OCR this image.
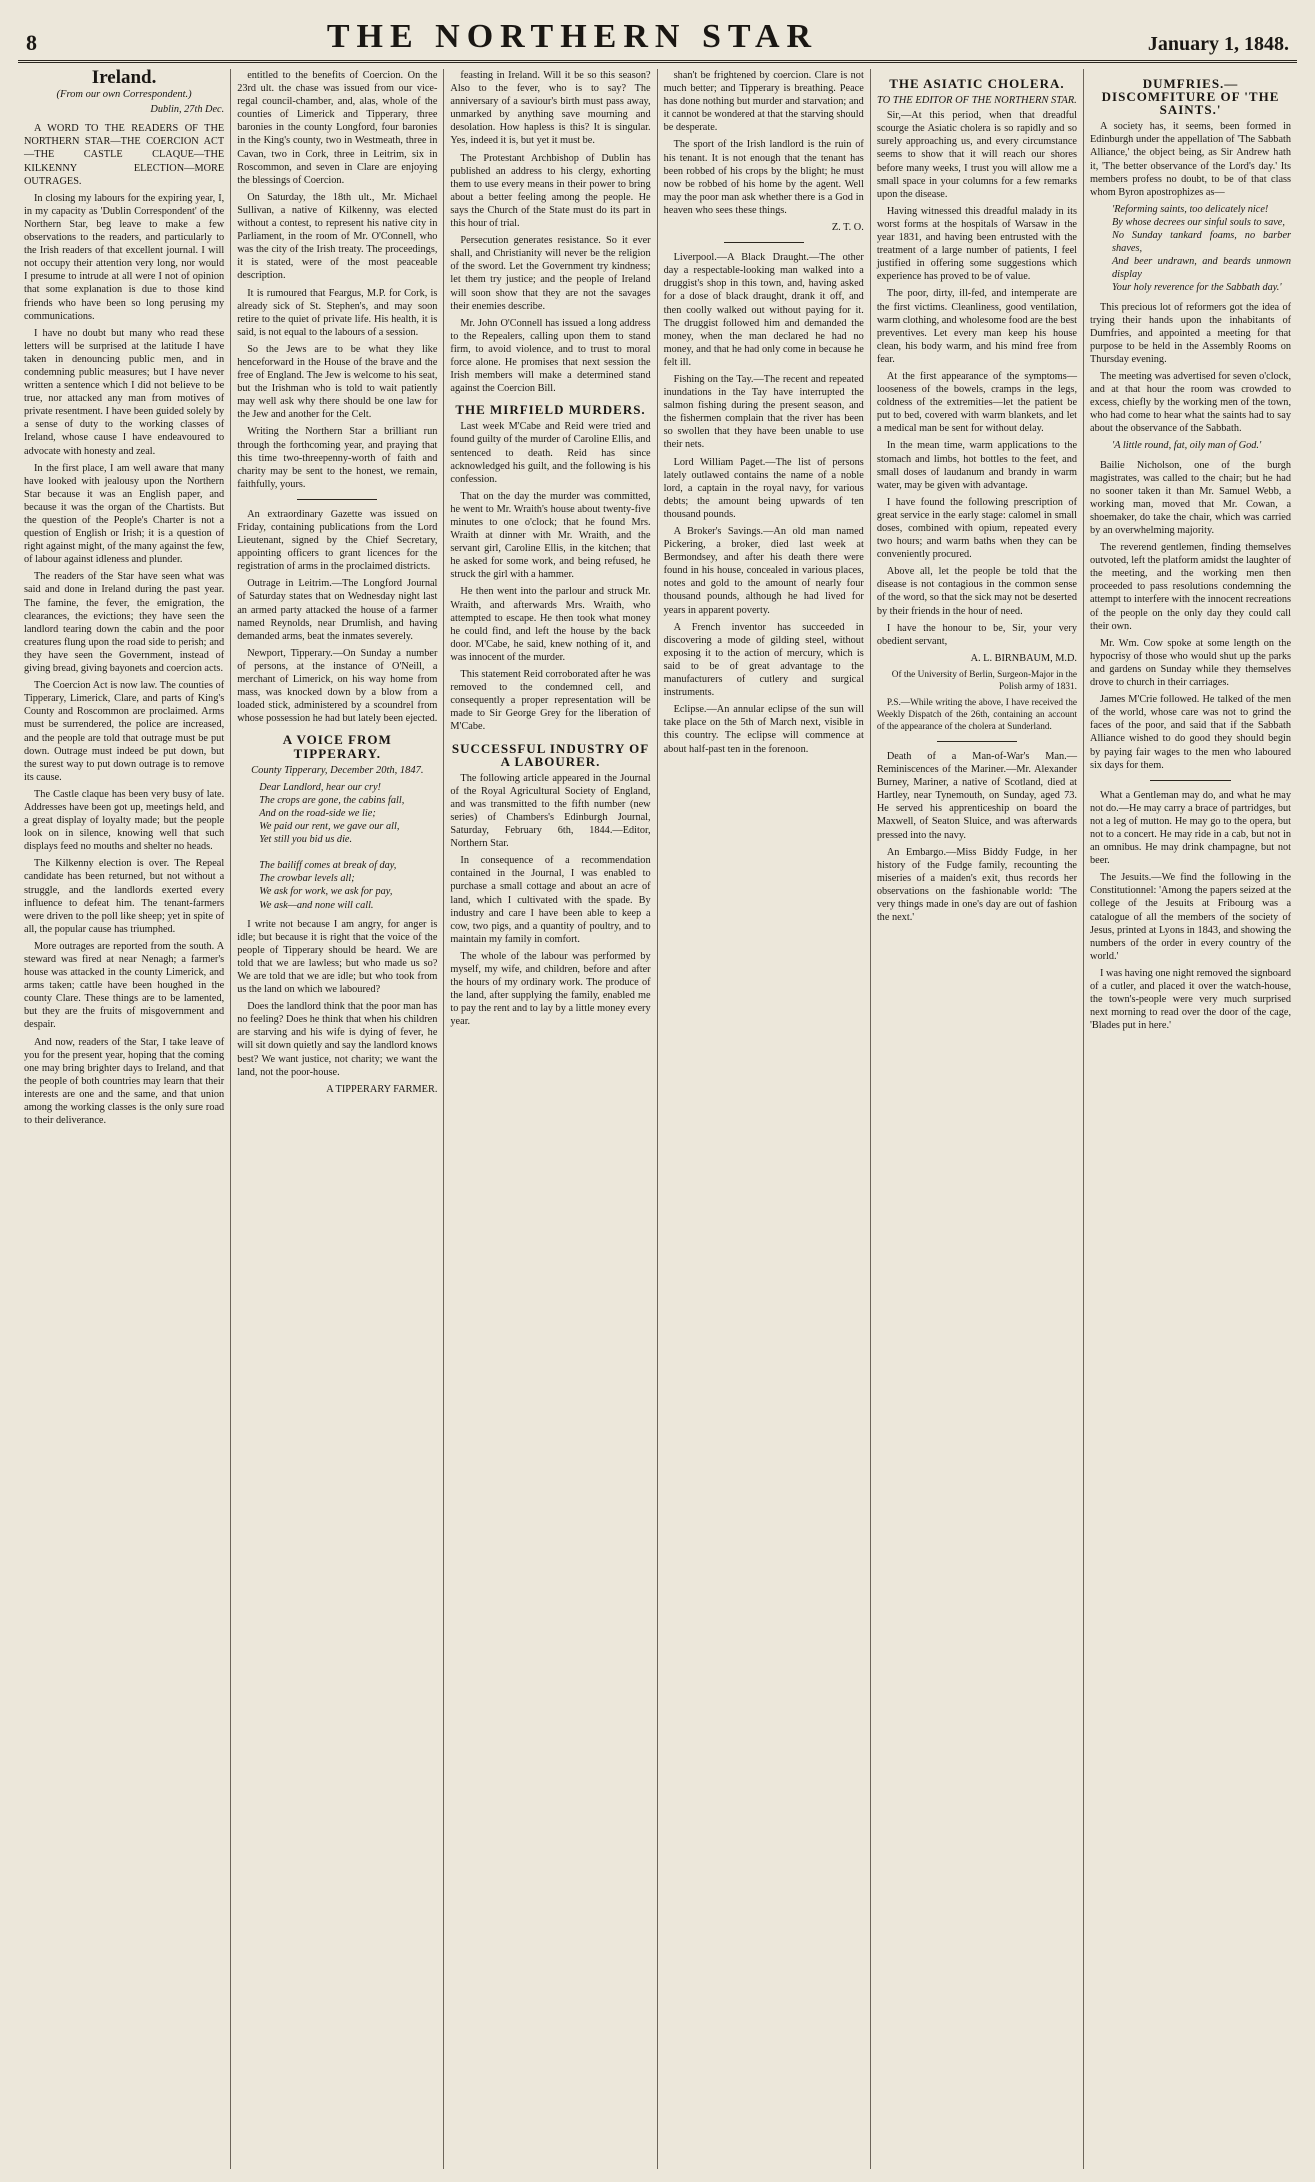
8	THE NORTHERN STAR	January 1, 1848.
Ireland.
(From our own Correspondent.)
Dublin, 27th Dec.

A WORD TO THE READERS OF THE NORTHERN STAR—THE COERCION ACT—THE CASTLE CLAQUE—THE KILKENNY ELECTION—MORE OUTRAGES.

In closing my labours for the expiring year, I, in my capacity as 'Dublin Correspondent' of the Northern Star, beg leave to make a few observations to the readers, and particularly to the Irish readers of that excellent journal. I will not occupy their attention very long, nor would I presume to intrude at all were I not of opinion that some explanation is due to those kind friends who have been so long perusing my communications.

I have no doubt but many who read these letters will be surprised at the latitude I have taken in denouncing public men, and in condemning public measures; but I have never written a sentence which I did not believe to be true, nor attacked any man from motives of private resentment. I have been guided solely by a sense of duty to the working classes of Ireland, whose cause I have endeavoured to advocate with honesty and zeal.

In the first place, I am well aware that many have looked with jealousy upon the Northern Star because it was an English paper, and because it was the organ of the Chartists. But the question of the People's Charter is not a question of English or Irish; it is a question of right against might, of the many against the few, of labour against idleness and plunder.

The readers of the Star have seen what was said and done in Ireland during the past year. The famine, the fever, the emigration, the clearances, the evictions; they have seen the landlord tearing down the cabin and the poor creatures flung upon the road side to perish; and they have seen the Government, instead of giving bread, giving bayonets and coercion acts.

The Coercion Act is now law. The counties of Tipperary, Limerick, Clare, and parts of King's County and Roscommon are proclaimed. Arms must be surrendered, the police are increased, and the people are told that outrage must be put down. Outrage must indeed be put down, but the surest way to put down outrage is to remove its cause.

The Castle claque has been very busy of late. Addresses have been got up, meetings held, and a great display of loyalty made; but the people look on in silence, knowing well that such displays feed no mouths and shelter no heads.

The Kilkenny election is over. The Repeal candidate has been returned, but not without a struggle, and the landlords exerted every influence to defeat him. The tenant-farmers were driven to the poll like sheep; yet in spite of all, the popular cause has triumphed.

More outrages are reported from the south. A steward was fired at near Nenagh; a farmer's house was attacked in the county Limerick, and arms taken; cattle have been houghed in the county Clare. These things are to be lamented, but they are the fruits of misgovernment and despair.

And now, readers of the Star, I take leave of you for the present year, hoping that the coming one may bring brighter days to Ireland, and that the people of both countries may learn that their interests are one and the same, and that union among the working classes is the only sure road to their deliverance.

entitled to the benefits of Coercion. On the 23rd ult. the chase was issued from our vice-regal council-chamber, and, alas, whole of the counties of Limerick and Tipperary, three baronies in the county Longford, four baronies in the King's county, two in Westmeath, three in Cavan, two in Cork, three in Leitrim, six in Roscommon, and seven in Clare are enjoying the blessings of Coercion.

On Saturday, the 18th ult., Mr. Michael Sullivan, a native of Kilkenny, was elected without a contest, to represent his native city in Parliament, in the room of Mr. O'Connell, who was the city of the Irish treaty. The proceedings, it is stated, were of the most peaceable description.

It is rumoured that Feargus, M.P. for Cork, is already sick of St. Stephen's, and may soon retire to the quiet of private life. His health, it is said, is not equal to the labours of a session.

So the Jews are to be what they like henceforward in the House of the brave and the free of England. The Jew is welcome to his seat, but the Irishman who is told to wait patiently may well ask why there should be one law for the Jew and another for the Celt.

Writing the Northern Star a brilliant run through the forthcoming year, and praying that this time two-threepenny-worth of faith and charity may be sent to the honest, we remain, faithfully, yours.

An extraordinary Gazette was issued on Friday, containing publications from the Lord Lieutenant, signed by the Chief Secretary, appointing officers to grant licences for the registration of arms in the proclaimed districts.

Outrage in Leitrim.—The Longford Journal of Saturday states that on Wednesday night last an armed party attacked the house of a farmer named Reynolds, near Drumlish, and having demanded arms, beat the inmates severely.

Newport, Tipperary.—On Sunday a number of persons, at the instance of O'Neill, a merchant of Limerick, on his way home from mass, was knocked down by a blow from a loaded stick, administered by a scoundrel from whose possession he had but lately been ejected.

A VOICE FROM TIPPERARY.
County Tipperary, December 20th, 1847.

Dear Landlord, hear our cry!
The crops are gone, the cabins fall,
And on the road-side we lie;
We paid our rent, we gave our all,
Yet still you bid us die.

The bailiff comes at break of day,
The crowbar levels all;
We ask for work, we ask for pay,
We ask—and none will call.

I write not because I am angry, for anger is idle; but because it is right that the voice of the people of Tipperary should be heard. We are told that we are lawless; but who made us so? We are told that we are idle; but who took from us the land on which we laboured?

Does the landlord think that the poor man has no feeling? Does he think that when his children are starving and his wife is dying of fever, he will sit down quietly and say the landlord knows best? We want justice, not charity; we want the land, not the poor-house.

A TIPPERARY FARMER.

feasting in Ireland. Will it be so this season? Also to the fever, who is to say? The anniversary of a saviour's birth must pass away, unmarked by anything save mourning and desolation. How hapless is this? It is singular. Yes, indeed it is, but yet it must be.

The Protestant Archbishop of Dublin has published an address to his clergy, exhorting them to use every means in their power to bring about a better feeling among the people. He says the Church of the State must do its part in this hour of trial.

Persecution generates resistance. So it ever shall, and Christianity will never be the religion of the sword. Let the Government try kindness; let them try justice; and the people of Ireland will soon show that they are not the savages their enemies describe.

Mr. John O'Connell has issued a long address to the Repealers, calling upon them to stand firm, to avoid violence, and to trust to moral force alone. He promises that next session the Irish members will make a determined stand against the Coercion Bill.

THE MIRFIELD MURDERS.

Last week M'Cabe and Reid were tried and found guilty of the murder of Caroline Ellis, and sentenced to death. Reid has since acknowledged his guilt, and the following is his confession.

That on the day the murder was committed, he went to Mr. Wraith's house about twenty-five minutes to one o'clock; that he found Mrs. Wraith at dinner with Mr. Wraith, and the servant girl, Caroline Ellis, in the kitchen; that he asked for some work, and being refused, he struck the girl with a hammer.

He then went into the parlour and struck Mr. Wraith, and afterwards Mrs. Wraith, who attempted to escape. He then took what money he could find, and left the house by the back door. M'Cabe, he said, knew nothing of it, and was innocent of the murder.

This statement Reid corroborated after he was removed to the condemned cell, and consequently a proper representation will be made to Sir George Grey for the liberation of M'Cabe.

SUCCESSFUL INDUSTRY OF A LABOURER.

The following article appeared in the Journal of the Royal Agricultural Society of England, and was transmitted to the fifth number (new series) of Chambers's Edinburgh Journal, Saturday, February 6th, 1844.—Editor, Northern Star.

In consequence of a recommendation contained in the Journal, I was enabled to purchase a small cottage and about an acre of land, which I cultivated with the spade. By industry and care I have been able to keep a cow, two pigs, and a quantity of poultry, and to maintain my family in comfort.

The whole of the labour was performed by myself, my wife, and children, before and after the hours of my ordinary work. The produce of the land, after supplying the family, enabled me to pay the rent and to lay by a little money every year.

shan't be frightened by coercion. Clare is not much better; and Tipperary is breathing. Peace has done nothing but murder and starvation; and it cannot be wondered at that the starving should be desperate.

The sport of the Irish landlord is the ruin of his tenant. It is not enough that the tenant has been robbed of his crops by the blight; he must now be robbed of his home by the agent. Well may the poor man ask whether there is a God in heaven who sees these things.

Z. T. O.

Liverpool.—A Black Draught.—The other day a respectable-looking man walked into a druggist's shop in this town, and, having asked for a dose of black draught, drank it off, and then coolly walked out without paying for it. The druggist followed him and demanded the money, when the man declared he had no money, and that he had only come in because he felt ill.

Fishing on the Tay.—The recent and repeated inundations in the Tay have interrupted the salmon fishing during the present season, and the fishermen complain that the river has been so swollen that they have been unable to use their nets.

Lord William Paget.—The list of persons lately outlawed contains the name of a noble lord, a captain in the royal navy, for various debts; the amount being upwards of ten thousand pounds.

A Broker's Savings.—An old man named Pickering, a broker, died last week at Bermondsey, and after his death there were found in his house, concealed in various places, notes and gold to the amount of nearly four thousand pounds, although he had lived for years in apparent poverty.

A French inventor has succeeded in discovering a mode of gilding steel, without exposing it to the action of mercury, which is said to be of great advantage to the manufacturers of cutlery and surgical instruments.

Eclipse.—An annular eclipse of the sun will take place on the 5th of March next, visible in this country. The eclipse will commence at about half-past ten in the forenoon.

THE ASIATIC CHOLERA.
TO THE EDITOR OF THE NORTHERN STAR.

Sir,—At this period, when that dreadful scourge the Asiatic cholera is so rapidly and so surely approaching us, and every circumstance seems to show that it will reach our shores before many weeks, I trust you will allow me a small space in your columns for a few remarks upon the disease.

Having witnessed this dreadful malady in its worst forms at the hospitals of Warsaw in the year 1831, and having been entrusted with the treatment of a large number of patients, I feel justified in offering some suggestions which experience has proved to be of value.

The poor, dirty, ill-fed, and intemperate are the first victims. Cleanliness, good ventilation, warm clothing, and wholesome food are the best preventives. Let every man keep his house clean, his body warm, and his mind free from fear.

At the first appearance of the symptoms—looseness of the bowels, cramps in the legs, coldness of the extremities—let the patient be put to bed, covered with warm blankets, and let a medical man be sent for without delay.

In the mean time, warm applications to the stomach and limbs, hot bottles to the feet, and small doses of laudanum and brandy in warm water, may be given with advantage.

I have found the following prescription of great service in the early stage: calomel in small doses, combined with opium, repeated every two hours; and warm baths when they can be conveniently procured.

Above all, let the people be told that the disease is not contagious in the common sense of the word, so that the sick may not be deserted by their friends in the hour of need.

I have the honour to be, Sir, your very obedient servant,

A. L. BIRNBAUM, M.D.
Of the University of Berlin, Surgeon-Major in the Polish army of 1831.

P.S.—While writing the above, I have received the Weekly Dispatch of the 26th, containing an account of the appearance of the cholera at Sunderland.

Death of a Man-of-War's Man.—Reminiscences of the Mariner.—Mr. Alexander Burney, Mariner, a native of Scotland, died at Hartley, near Tynemouth, on Sunday, aged 73. He served his apprenticeship on board the Maxwell, of Seaton Sluice, and was afterwards pressed into the navy.

An Embargo.—Miss Biddy Fudge, in her history of the Fudge family, recounting the miseries of a maiden's exit, thus records her observations on the fashionable world: 'The very things made in one's day are out of fashion the next.'

DUMFRIES.—DISCOMFITURE OF 'THE SAINTS.'

A society has, it seems, been formed in Edinburgh under the appellation of 'The Sabbath Alliance,' the object being, as Sir Andrew hath it, 'The better observance of the Lord's day.' Its members profess no doubt, to be of that class whom Byron apostrophizes as—

'Reforming saints, too delicately nice!
By whose decrees our sinful souls to save,
No Sunday tankard foams, no barber shaves,
And beer undrawn, and beards unmown display
Your holy reverence for the Sabbath day.'

This precious lot of reformers got the idea of trying their hands upon the inhabitants of Dumfries, and appointed a meeting for that purpose to be held in the Assembly Rooms on Thursday evening.

The meeting was advertised for seven o'clock, and at that hour the room was crowded to excess, chiefly by the working men of the town, who had come to hear what the saints had to say about the observance of the Sabbath.

'A little round, fat, oily man of God.'

Bailie Nicholson, one of the burgh magistrates, was called to the chair; but he had no sooner taken it than Mr. Samuel Webb, a working man, moved that Mr. Cowan, a shoemaker, do take the chair, which was carried by an overwhelming majority.

The reverend gentlemen, finding themselves outvoted, left the platform amidst the laughter of the meeting, and the working men then proceeded to pass resolutions condemning the attempt to interfere with the innocent recreations of the people on the only day they could call their own.

Mr. Wm. Cow spoke at some length on the hypocrisy of those who would shut up the parks and gardens on Sunday while they themselves drove to church in their carriages.

James M'Crie followed. He talked of the men of the world, whose care was not to grind the faces of the poor, and said that if the Sabbath Alliance wished to do good they should begin by paying fair wages to the men who laboured six days for them.

What a Gentleman may do, and what he may not do.—He may carry a brace of partridges, but not a leg of mutton. He may go to the opera, but not to a concert. He may ride in a cab, but not in an omnibus. He may drink champagne, but not beer.

The Jesuits.—We find the following in the Constitutionnel: 'Among the papers seized at the college of the Jesuits at Fribourg was a catalogue of all the members of the society of Jesus, printed at Lyons in 1843, and showing the numbers of the order in every country of the world.'

I was having one night removed the signboard of a cutler, and placed it over the watch-house, the town's-people were very much surprised next morning to read over the door of the cage, 'Blades put in here.'
